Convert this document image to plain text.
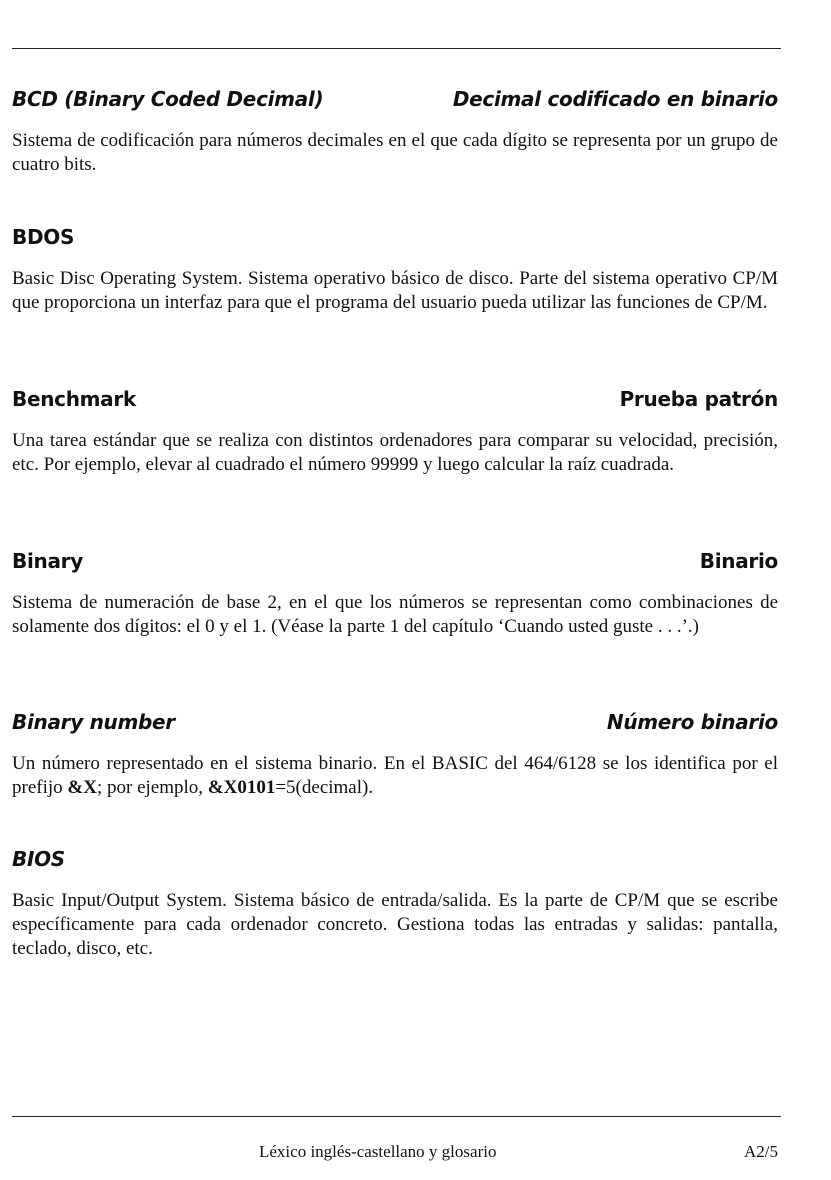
BCD (Binary Coded Decimal)	Decimal codificado en binario

Sistema de codificación para números decimales en el que cada dígito se representa por un grupo de cuatro bits.

BDOS

Basic Disc Operating System. Sistema operativo básico de disco. Parte del sistema operativo CP/M que proporciona un interfaz para que el programa del usuario pueda utilizar las funciones de CP/M.

Benchmark	Prueba patrón

Una tarea estándar que se realiza con distintos ordenadores para comparar su velocidad, precisión, etc. Por ejemplo, elevar al cuadrado el número 99999 y luego calcular la raíz cuadrada.

Binary	Binario

Sistema de numeración de base 2, en el que los números se representan como combinaciones de solamente dos dígitos: el 0 y el 1. (Véase la parte 1 del capítulo ‘Cuando usted guste . . .’.)

Binary number	Número binario

Un número representado en el sistema binario. En el BASIC del 464/6128 se los identifica por el prefijo &X; por ejemplo, &X0101=5(decimal).

BIOS

Basic Input/Output System. Sistema básico de entrada/salida. Es la parte de CP/M que se escribe específicamente para cada ordenador concreto. Gestiona todas las entradas y salidas: pantalla, teclado, disco, etc.

Léxico inglés-castellano y glosario	A2/5
